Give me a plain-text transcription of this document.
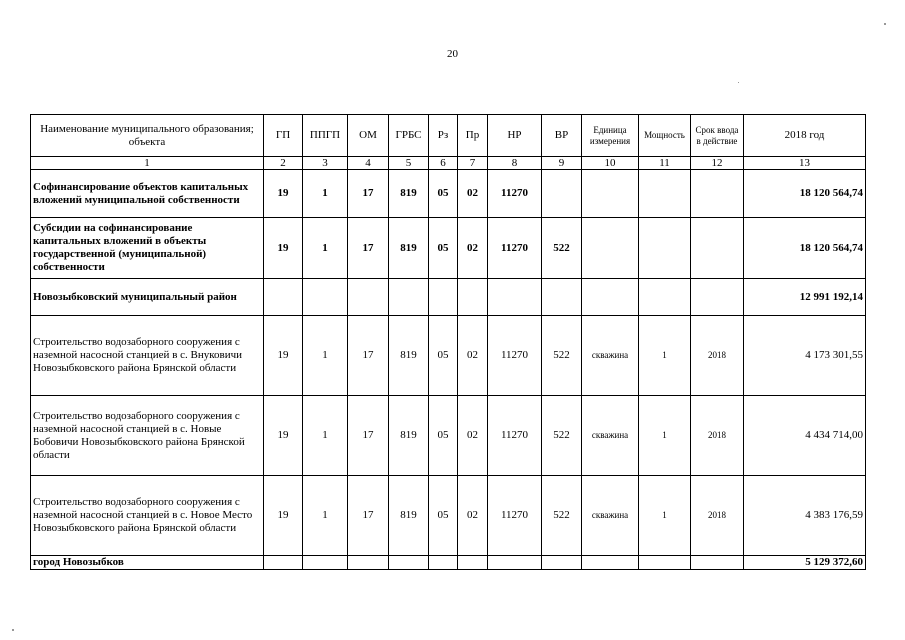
20
Наименование муниципального образования; объекта	ГП	ППГП	ОМ	ГРБС	Рз	Пр	НР	ВР	Единица измерения	Мощность	Срок ввода в действие	2018 год
1	2	3	4	5	6	7	8	9	10	11	12	13
Софинансирование объектов капитальных вложений муниципальной собственности	19	1	17	819	05	02	11270					18 120 564,74
Субсидии на софинансирование капитальных вложений в объекты государственной (муниципальной) собственности	19	1	17	819	05	02	11270	522				18 120 564,74
Новозыбковский муниципальный район												12 991 192,14
Строительство водозаборного сооружения с наземной насосной станцией в с. Внуковичи Новозыбковского района Брянской области	19	1	17	819	05	02	11270	522	скважина	1	2018	4 173 301,55
Строительство водозаборного сооружения с наземной насосной станцией в с. Новые Бобовичи Новозыбковского района Брянской области	19	1	17	819	05	02	11270	522	скважина	1	2018	4 434 714,00
Строительство водозаборного сооружения с наземной насосной станцией в с. Новое Место Новозыбковского района Брянской области	19	1	17	819	05	02	11270	522	скважина	1	2018	4 383 176,59
город Новозыбков												5 129 372,60
